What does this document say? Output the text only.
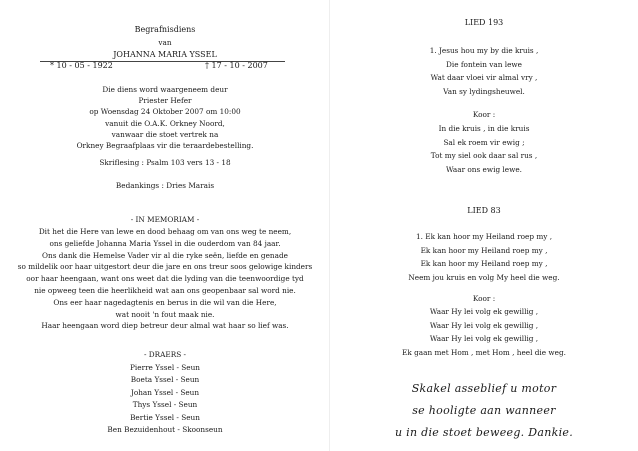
Begrafnisdiens
van
JOHANNA MARIA YSSEL
* 10 - 05 - 1922	† 17 - 10 - 2007
Die diens word waargeneem deur
Priester Hefer
op Woensdag 24 Oktober 2007 om 10:00
vanuit die O.A.K. Orkney Noord,
vanwaar die stoet vertrek na
Orkney Begraafplaas vir die teraardebestelling.
Skriflesing : Psalm 103 vers 13 - 18
Bedankings : Dries Marais
- IN MEMORIAM -
Dit het die Here van lewe en dood behaag om van ons weg te neem,
ons geliefde Johanna Maria Yssel in die ouderdom van 84 jaar.
Ons dank die Hemelse Vader vir al die ryke seën, liefde en genade
so mildelik oor haar uitgestort deur die jare en ons treur soos gelowige kinders
oor haar heengaan, want ons weet dat die lyding van die teenwoordige tyd
nie opweeg teen die heerlikheid wat aan ons geopenbaar sal word nie.
Ons eer haar nagedagtenis en berus in die wil van die Here,
wat nooit 'n fout maak nie.
Haar heengaan word diep betreur deur almal wat haar so lief was.
- DRAERS -
Pierre Yssel - Seun
Boeta Yssel - Seun
Johan Yssel - Seun
Thys Yssel - Seun
Bertie Yssel - Seun
Ben Bezuidenhout - Skoonseun
LIED 193
1. Jesus hou my by die kruis ,
Die fontein van lewe
Wat daar vloei vir almal vry ,
Van sy lydingsheuwel.
Koor :
In die kruis , in die kruis
Sal ek roem vir ewig ;
Tot my siel ook daar sal rus ,
Waar ons ewig lewe.
LIED 83
1. Ek kan hoor my Heiland roep my ,
Ek kan hoor my Heiland roep my ,
Ek kan hoor my Heiland roep my ,
Neem jou kruis en volg My heel die weg.
Koor :
Waar Hy lei volg ek gewillig ,
Waar Hy lei volg ek gewillig ,
Waar Hy lei volg ek gewillig ,
Ek gaan met Hom , met Hom , heel die weg.
Skakel asseblief u motor
se hooligte aan wanneer
u in die stoet beweeg. Dankie.
